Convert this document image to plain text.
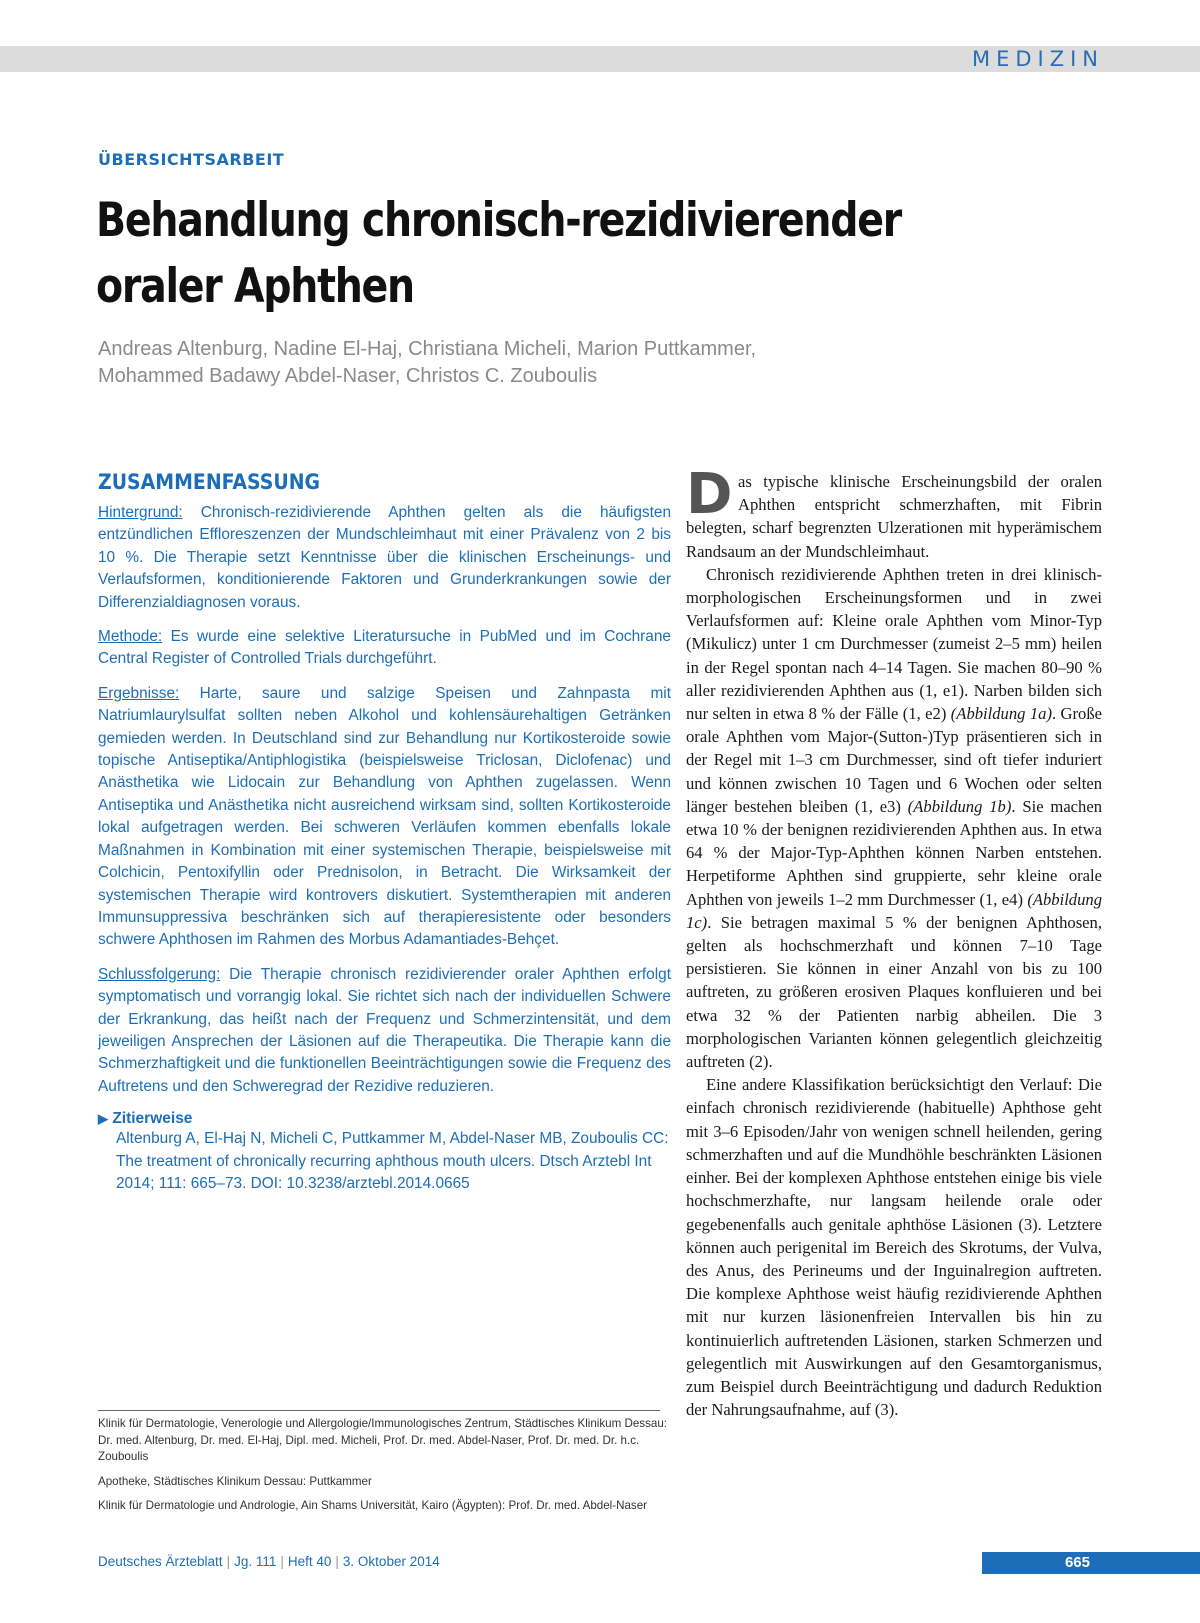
MEDIZIN
ÜBERSICHTSARBEIT
Behandlung chronisch-rezidivierender
oraler Aphthen
Andreas Altenburg, Nadine El-Haj, Christiana Micheli, Marion Puttkammer,
Mohammed Badawy Abdel-Naser, Christos C. Zouboulis
ZUSAMMENFASSUNG

Hintergrund: Chronisch-rezidivierende Aphthen gelten als die häufigsten entzündlichen Effloreszenzen der Mundschleimhaut mit einer Prävalenz von 2 bis 10 %. Die Therapie setzt Kenntnisse über die klinischen Erscheinungs- und Verlaufsformen, konditionierende Faktoren und Grunderkrankungen sowie der Differenzialdiagnosen voraus.

Methode: Es wurde eine selektive Literatursuche in PubMed und im Cochrane Central Register of Controlled Trials durchgeführt.

Ergebnisse: Harte, saure und salzige Speisen und Zahnpasta mit Natriumlaurylsulfat sollten neben Alkohol und kohlensäurehaltigen Getränken gemieden werden. In Deutschland sind zur Behandlung nur Kortikosteroide sowie topische Antiseptika/Antiphlogistika (beispielsweise Triclosan, Diclofenac) und Anästhetika wie Lidocain zur Behandlung von Aphthen zugelassen. Wenn Antiseptika und Anästhetika nicht ausreichend wirksam sind, sollten Kortikosteroide lokal aufgetragen werden. Bei schweren Verläufen kommen ebenfalls lokale Maßnahmen in Kombination mit einer systemischen Therapie, beispielsweise mit Colchicin, Pentoxifyllin oder Prednisolon, in Betracht. Die Wirksamkeit der systemischen Therapie wird kontrovers diskutiert. Systemtherapien mit anderen Immunsuppressiva beschränken sich auf therapieresistente oder besonders schwere Aphthosen im Rahmen des Morbus Adamantiades-Behçet.

Schlussfolgerung: Die Therapie chronisch rezidivierender oraler Aphthen erfolgt symptomatisch und vorrangig lokal. Sie richtet sich nach der individuellen Schwere der Erkrankung, das heißt nach der Frequenz und Schmerzintensität, und dem jeweiligen Ansprechen der Läsionen auf die Therapeutika. Die Therapie kann die Schmerzhaftigkeit und die funktionellen Beeinträchtigungen sowie die Frequenz des Auftretens und den Schweregrad der Rezidive reduzieren.

▶ Zitierweise
Altenburg A, El-Haj N, Micheli C, Puttkammer M, Abdel-Naser MB, Zouboulis CC: The treatment of chronically recurring aphthous mouth ulcers. Dtsch Arztebl Int 2014; 111: 665–73. DOI: 10.3238/arztebl.2014.0665

Klinik für Dermatologie, Venerologie und Allergologie/Immunologisches Zentrum, Städtisches Klinikum Dessau: Dr. med. Altenburg, Dr. med. El-Haj, Dipl. med. Micheli, Prof. Dr. med. Abdel-Naser, Prof. Dr. med. Dr. h.c. Zouboulis

Apotheke, Städtisches Klinikum Dessau: Puttkammer

Klinik für Dermatologie und Andrologie, Ain Shams Universität, Kairo (Ägypten): Prof. Dr. med. Abdel-Naser

Das typische klinische Erscheinungsbild der oralen Aphthen entspricht schmerzhaften, mit Fibrin belegten, scharf begrenzten Ulzerationen mit hyperämischem Randsaum an der Mundschleimhaut.

Chronisch rezidivierende Aphthen treten in drei klinisch-morphologischen Erscheinungsformen und in zwei Verlaufsformen auf: Kleine orale Aphthen vom Minor-Typ (Mikulicz) unter 1 cm Durchmesser (zumeist 2–5 mm) heilen in der Regel spontan nach 4–14 Tagen. Sie machen 80–90 % aller rezidivierenden Aphthen aus (1, e1). Narben bilden sich nur selten in etwa 8 % der Fälle (1, e2) (Abbildung 1a). Große orale Aphthen vom Major-(Sutton-)Typ präsentieren sich in der Regel mit 1–3 cm Durchmesser, sind oft tiefer induriert und können zwischen 10 Tagen und 6 Wochen oder selten länger bestehen bleiben (1, e3) (Abbildung 1b). Sie machen etwa 10 % der benignen rezidivierenden Aphthen aus. In etwa 64 % der Major-Typ-Aphthen können Narben entstehen. Herpetiforme Aphthen sind gruppierte, sehr kleine orale Aphthen von jeweils 1–2 mm Durchmesser (1, e4) (Abbildung 1c). Sie betragen maximal 5 % der benignen Aphthosen, gelten als hochschmerzhaft und können 7–10 Tage persistieren. Sie können in einer Anzahl von bis zu 100 auftreten, zu größeren erosiven Plaques konfluieren und bei etwa 32 % der Patienten narbig abheilen. Die 3 morphologischen Varianten können gelegentlich gleichzeitig auftreten (2).

Eine andere Klassifikation berücksichtigt den Verlauf: Die einfach chronisch rezidivierende (habituelle) Aphthose geht mit 3–6 Episoden/Jahr von wenigen schnell heilenden, gering schmerzhaften und auf die Mundhöhle beschränkten Läsionen einher. Bei der komplexen Aphthose entstehen einige bis viele hochschmerzhafte, nur langsam heilende orale oder gegebenenfalls auch genitale aphthöse Läsionen (3). Letztere können auch perigenital im Bereich des Skrotums, der Vulva, des Anus, des Perineums und der Inguinalregion auftreten. Die komplexe Aphthose weist häufig rezidivierende Aphthen mit nur kurzen läsionenfreien Intervallen bis hin zu kontinuierlich auftretenden Läsionen, starken Schmerzen und gelegentlich mit Auswirkungen auf den Gesamtorganismus, zum Beispiel durch Beeinträchtigung und dadurch Reduktion der Nahrungsaufnahme, auf (3).

Deutsches Ärzteblatt | Jg. 111 | Heft 40 | 3. Oktober 2014	665
